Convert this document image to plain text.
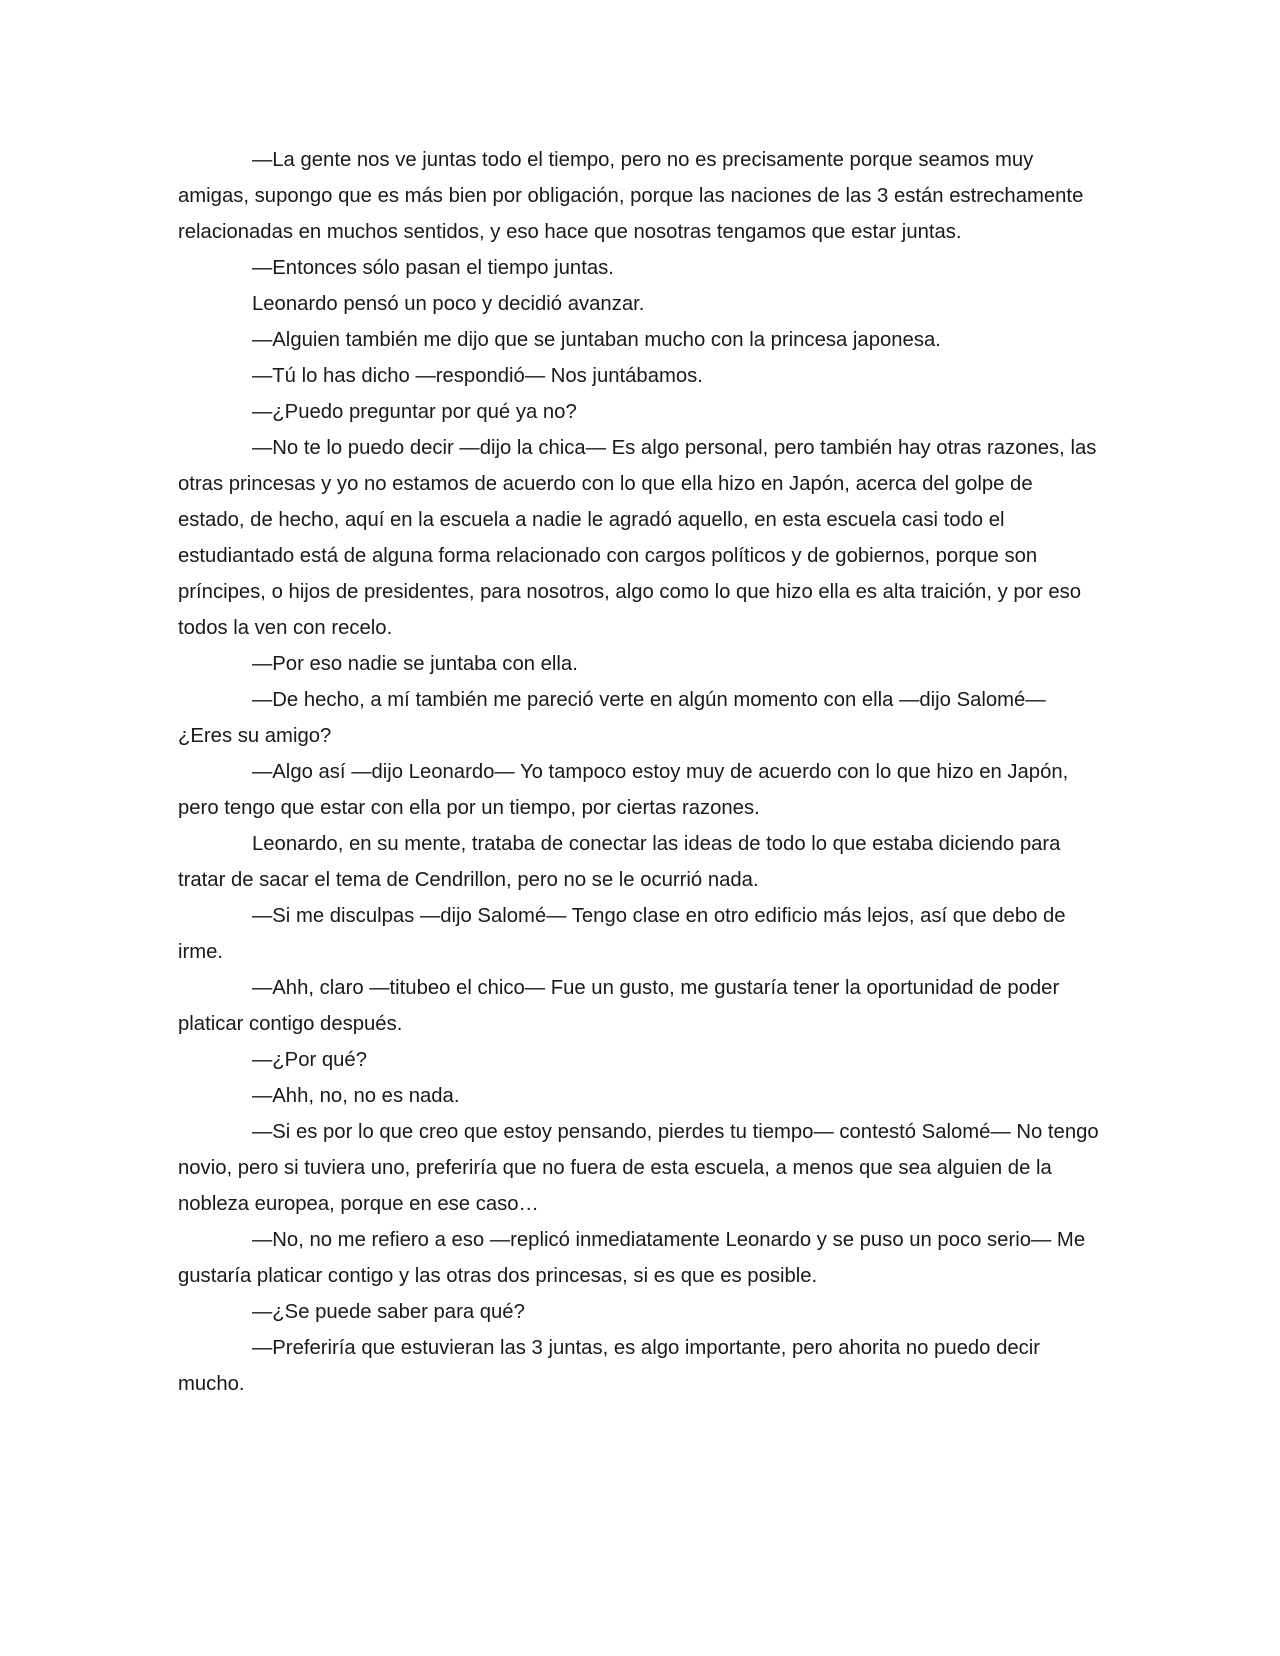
—La gente nos ve juntas todo el tiempo, pero no es precisamente porque seamos muy amigas, supongo que es más bien por obligación, porque las naciones de las 3 están estrechamente relacionadas en muchos sentidos, y eso hace que nosotras tengamos que estar juntas.

—Entonces sólo pasan el tiempo juntas.

Leonardo pensó un poco y decidió avanzar.

—Alguien también me dijo que se juntaban mucho con la princesa japonesa.

—Tú lo has dicho —respondió— Nos juntábamos.

—¿Puedo preguntar por qué ya no?

—No te lo puedo decir —dijo la chica— Es algo personal, pero también hay otras razones, las otras princesas y yo no estamos de acuerdo con lo que ella hizo en Japón, acerca del golpe de estado, de hecho, aquí en la escuela a nadie le agradó aquello, en esta escuela casi todo el estudiantado está de alguna forma relacionado con cargos políticos y de gobiernos, porque son príncipes, o hijos de presidentes, para nosotros, algo como lo que hizo ella es alta traición, y por eso todos la ven con recelo.

—Por eso nadie se juntaba con ella.

—De hecho, a mí también me pareció verte en algún momento con ella —dijo Salomé— ¿Eres su amigo?

—Algo así —dijo Leonardo— Yo tampoco estoy muy de acuerdo con lo que hizo en Japón, pero tengo que estar con ella por un tiempo, por ciertas razones.

Leonardo, en su mente, trataba de conectar las ideas de todo lo que estaba diciendo para tratar de sacar el tema de Cendrillon, pero no se le ocurrió nada.

—Si me disculpas —dijo Salomé— Tengo clase en otro edificio más lejos, así que debo de irme.

—Ahh, claro —titubeo el chico— Fue un gusto, me gustaría tener la oportunidad de poder platicar contigo después.

—¿Por qué?

—Ahh, no, no es nada.

—Si es por lo que creo que estoy pensando, pierdes tu tiempo— contestó Salomé— No tengo novio, pero si tuviera uno, preferiría que no fuera de esta escuela, a menos que sea alguien de la nobleza europea, porque en ese caso…

—No, no me refiero a eso —replicó inmediatamente Leonardo y se puso un poco serio— Me gustaría platicar contigo y las otras dos princesas, si es que es posible.

—¿Se puede saber para qué?

—Preferiría que estuvieran las 3 juntas, es algo importante, pero ahorita no puedo decir mucho.
